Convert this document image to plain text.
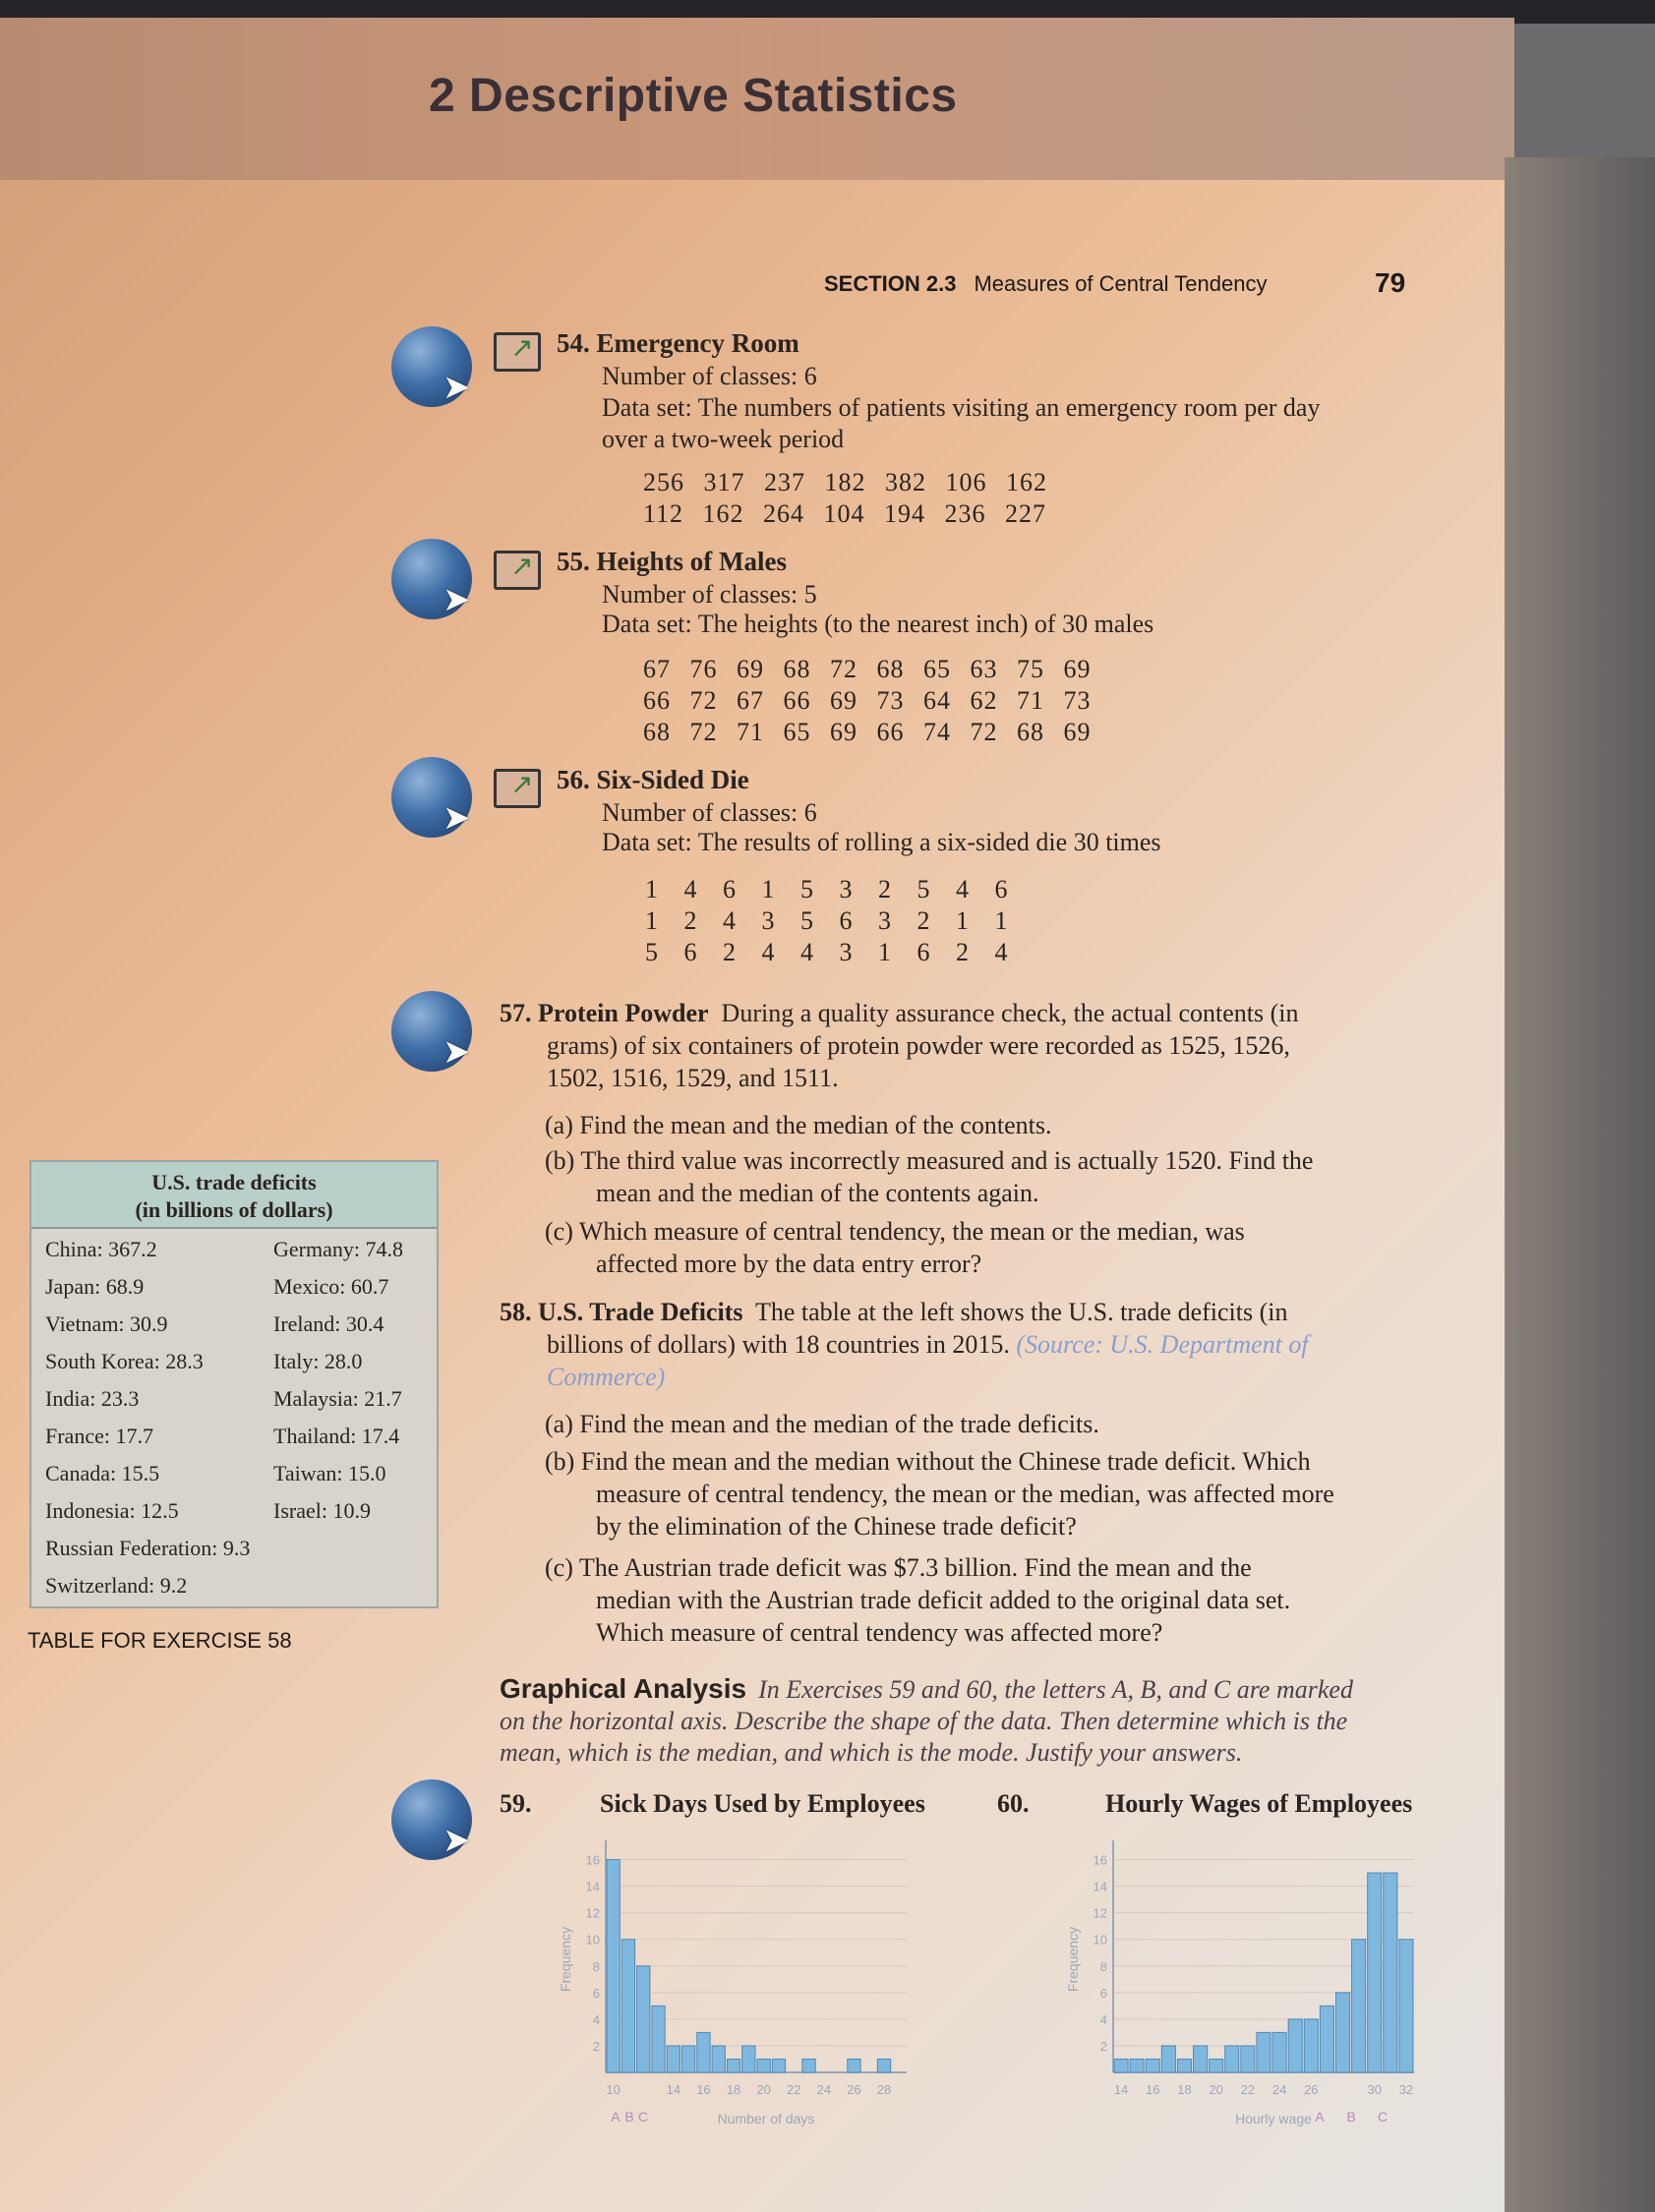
2 Descriptive Statistics
SECTION 2.3 Measures of Central Tendency	79
➤
↗ 54. Emergency Room
Number of classes: 6
Data set: The numbers of patients visiting an emergency room per day
over a two-week period
256 317 237 182 382 106 162
112 162 264 104 194 236 227
➤
↗ 55. Heights of Males
Number of classes: 5
Data set: The heights (to the nearest inch) of 30 males
67 76 69 68 72 68 65 63 75 69
66 72 67 66 69 73 64 62 71 73
68 72 71 65 69 66 74 72 68 69
➤
↗ 56. Six-Sided Die
Number of classes: 6
Data set: The results of rolling a six-sided die 30 times
1 4 6 1 5 3 2 5 4 6
1 2 4 3 5 6 3 2 1 1
5 6 2 4 4 3 1 6 2 4
➤
57. Protein Powder During a quality assurance check, the actual contents (in
grams) of six containers of protein powder were recorded as 1525, 1526,
1502, 1516, 1529, and 1511.
(a) Find the mean and the median of the contents.
(b) The third value was incorrectly measured and is actually 1520. Find the
mean and the median of the contents again.
(c) Which measure of central tendency, the mean or the median, was
affected more by the data entry error?
58. U.S. Trade Deficits The table at the left shows the U.S. trade deficits (in
billions of dollars) with 18 countries in 2015. (Source: U.S. Department of
Commerce)
(a) Find the mean and the median of the trade deficits.
(b) Find the mean and the median without the Chinese trade deficit. Which
measure of central tendency, the mean or the median, was affected more
by the elimination of the Chinese trade deficit?
(c) The Austrian trade deficit was $7.3 billion. Find the mean and the
median with the Austrian trade deficit added to the original data set.
Which measure of central tendency was affected more?
U.S. trade deficits
(in billions of dollars)
China: 367.2	Germany: 74.8
Japan: 68.9	Mexico: 60.7
Vietnam: 30.9	Ireland: 30.4
South Korea: 28.3	Italy: 28.0
India: 23.3	Malaysia: 21.7
France: 17.7	Thailand: 17.4
Canada: 15.5	Taiwan: 15.0
Indonesia: 12.5	Israel: 10.9
Russian Federation: 9.3
Switzerland: 9.2
TABLE FOR EXERCISE 58
Graphical Analysis In Exercises 59 and 60, the letters A, B, and C are marked
on the horizontal axis. Describe the shape of the data. Then determine which is the
mean, which is the median, and which is the mode. Justify your answers.
➤
59.	Sick Days Used by Employees	60.	Hourly Wages of Employees
2
4
6
8
10
12
14
16
10	14 16 18 20 22 24 26 28
A B C	Number of days
Frequency
2
4
6
8
10
12
14
16
14 16 18 20 22 24 26	30 32
A B C
Hourly wage
Frequency
